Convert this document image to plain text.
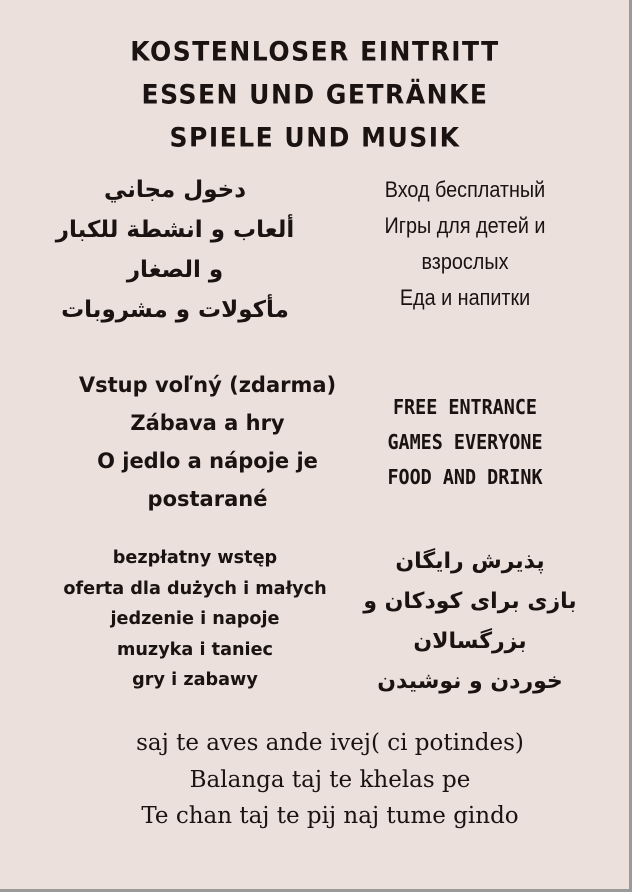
KOSTENLOSER EINTRITT
ESSEN UND GETRÄNKE
SPIELE UND MUSIK
دخول مجاني
ألعاب و انشطة للكبار
و الصغار
مأكولات و مشروبات
Вход бесплатный
Игры для детей и
взрослых
Еда и напитки
Vstup voľný (zdarma)
Zábava a hry
O jedlo a nápoje je
postarané
FREE ENTRANCE
GAMES EVERYONE
FOOD AND DRINK
bezpłatny wstęp
oferta dla dużych i małych
jedzenie i napoje
muzyka i taniec
gry i zabawy
پذیرش رایگان
بازی برای کودکان و
بزرگسالان
خوردن و نوشیدن
saj te aves ande ivej( ci potindes)
Balanga taj te khelas pe
Te chan taj te pij naj tume gindo
